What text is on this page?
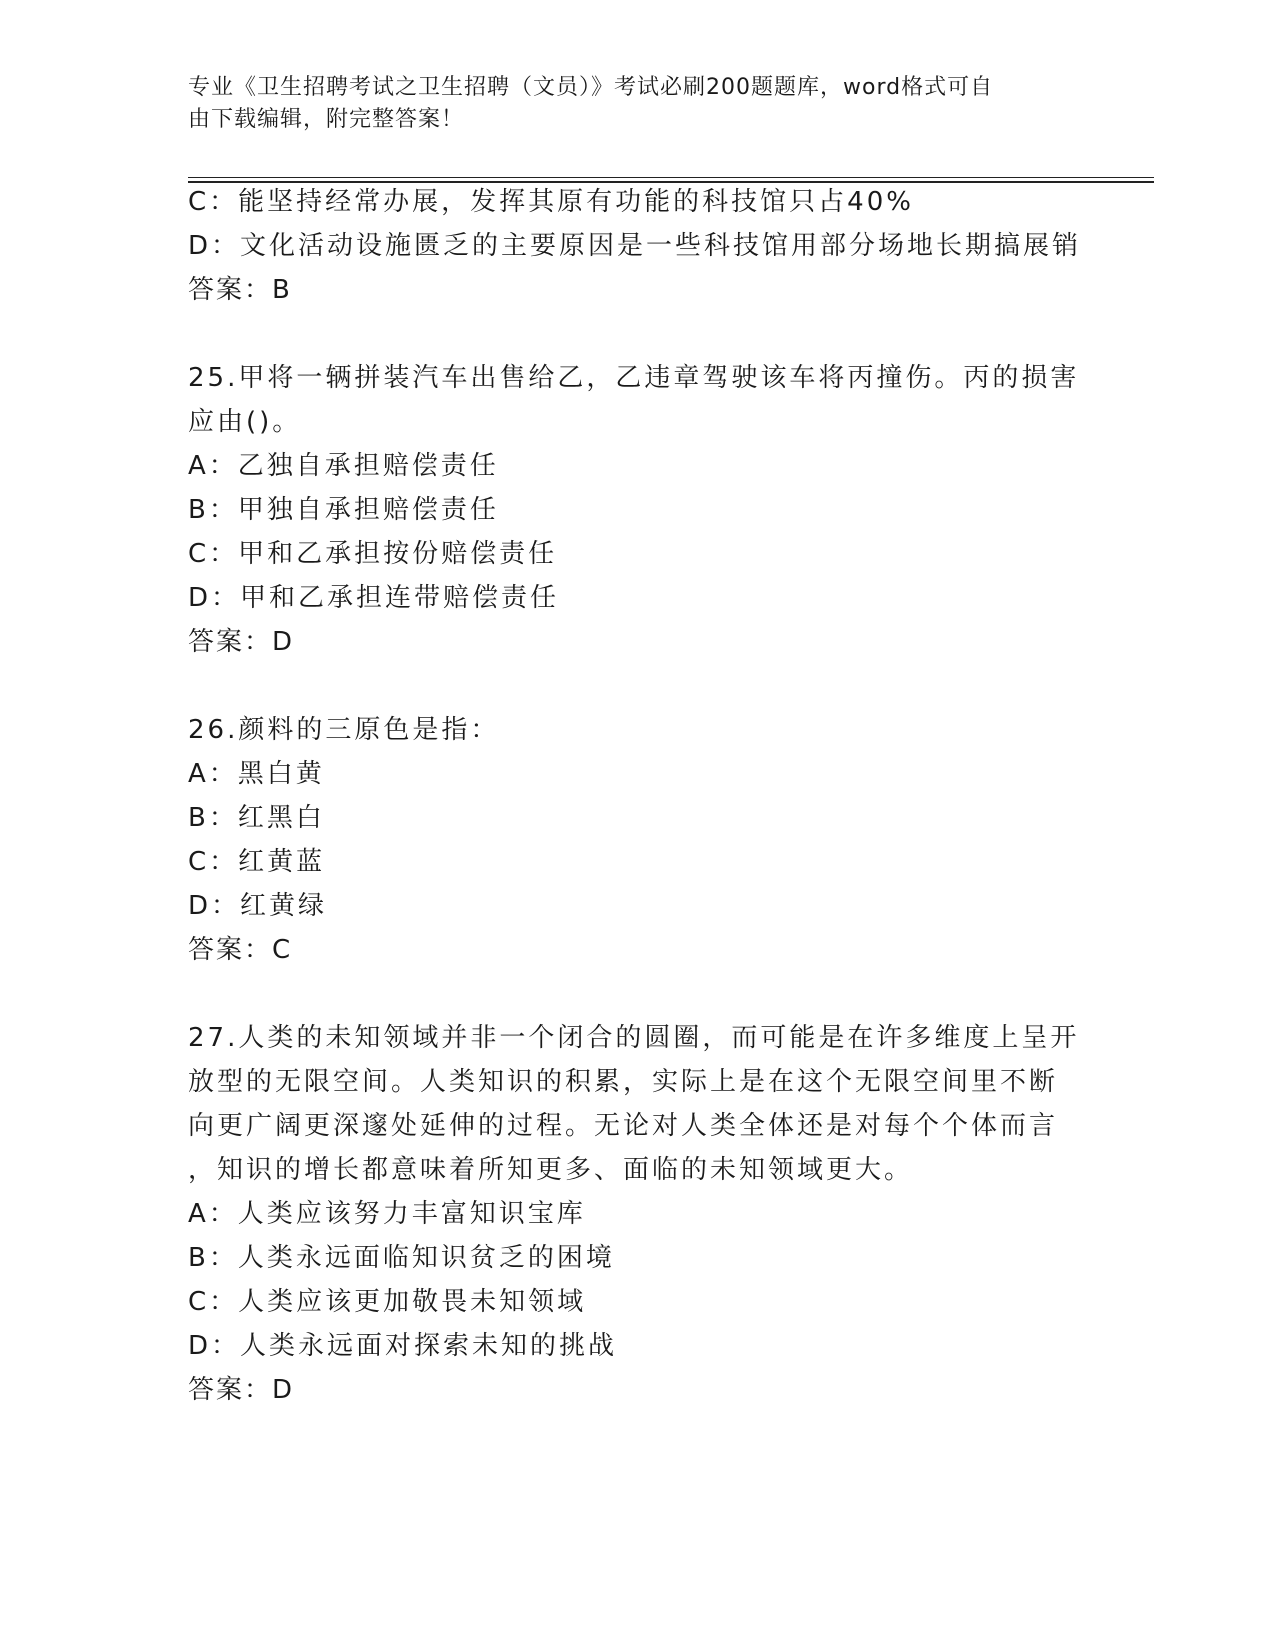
专业《卫生招聘考试之卫生招聘（文员）》考试必刷200题题库，word格式可自
由下载编辑，附完整答案！
C：能坚持经常办展，发挥其原有功能的科技馆只占40%
D：文化活动设施匮乏的主要原因是一些科技馆用部分场地长期搞展销
答案：B
25.甲将一辆拼装汽车出售给乙，乙违章驾驶该车将丙撞伤。丙的损害
应由()。
A：乙独自承担赔偿责任
B：甲独自承担赔偿责任
C：甲和乙承担按份赔偿责任
D：甲和乙承担连带赔偿责任
答案：D
26.颜料的三原色是指：
A：黑白黄
B：红黑白
C：红黄蓝
D：红黄绿
答案：C
27.人类的未知领域并非一个闭合的圆圈，而可能是在许多维度上呈开
放型的无限空间。人类知识的积累，实际上是在这个无限空间里不断
向更广阔更深邃处延伸的过程。无论对人类全体还是对每个个体而言
，知识的增长都意味着所知更多、面临的未知领域更大。
A：人类应该努力丰富知识宝库
B：人类永远面临知识贫乏的困境
C：人类应该更加敬畏未知领域
D：人类永远面对探索未知的挑战
答案：D
